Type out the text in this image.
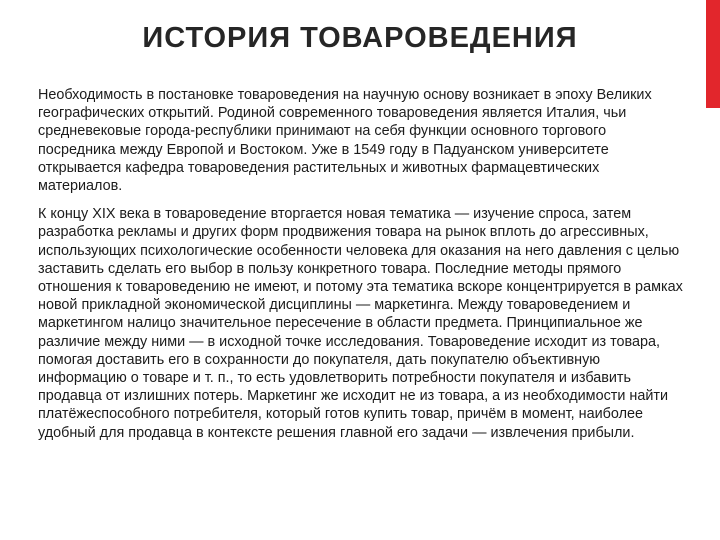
ИСТОРИЯ ТОВАРОВЕДЕНИЯ

Необходимость в постановке товароведения на научную основу возникает в эпоху Великих географических открытий. Родиной современного товароведения является Италия, чьи средневековые города-республики принимают на себя функции основного торгового посредника между Европой и Востоком. Уже в 1549 году в Падуанском университете открывается кафедра товароведения растительных и животных фармацевтических материалов.

К концу XIX века в товароведение вторгается новая тематика — изучение спроса, затем разработка рекламы и других форм продвижения товара на рынок вплоть до агрессивных, использующих психологические особенности человека для оказания на него давления с целью заставить сделать его выбор в пользу конкретного товара. Последние методы прямого отношения к товароведению не имеют, и потому эта тематика вскоре концентрируется в рамках новой прикладной экономической дисциплины — маркетинга. Между товароведением и маркетингом налицо значительное пересечение в области предмета. Принципиальное же различие между ними — в исходной точке исследования. Товароведение исходит из товара, помогая доставить его в сохранности до покупателя, дать покупателю объективную информацию о товаре и т. п., то есть удовлетворить потребности покупателя и избавить продавца от излишних потерь. Маркетинг же исходит не из товара, а из необходимости найти платёжеспособного потребителя, который готов купить товар, причём в момент, наиболее удобный для продавца в контексте решения главной его задачи — извлечения прибыли.
